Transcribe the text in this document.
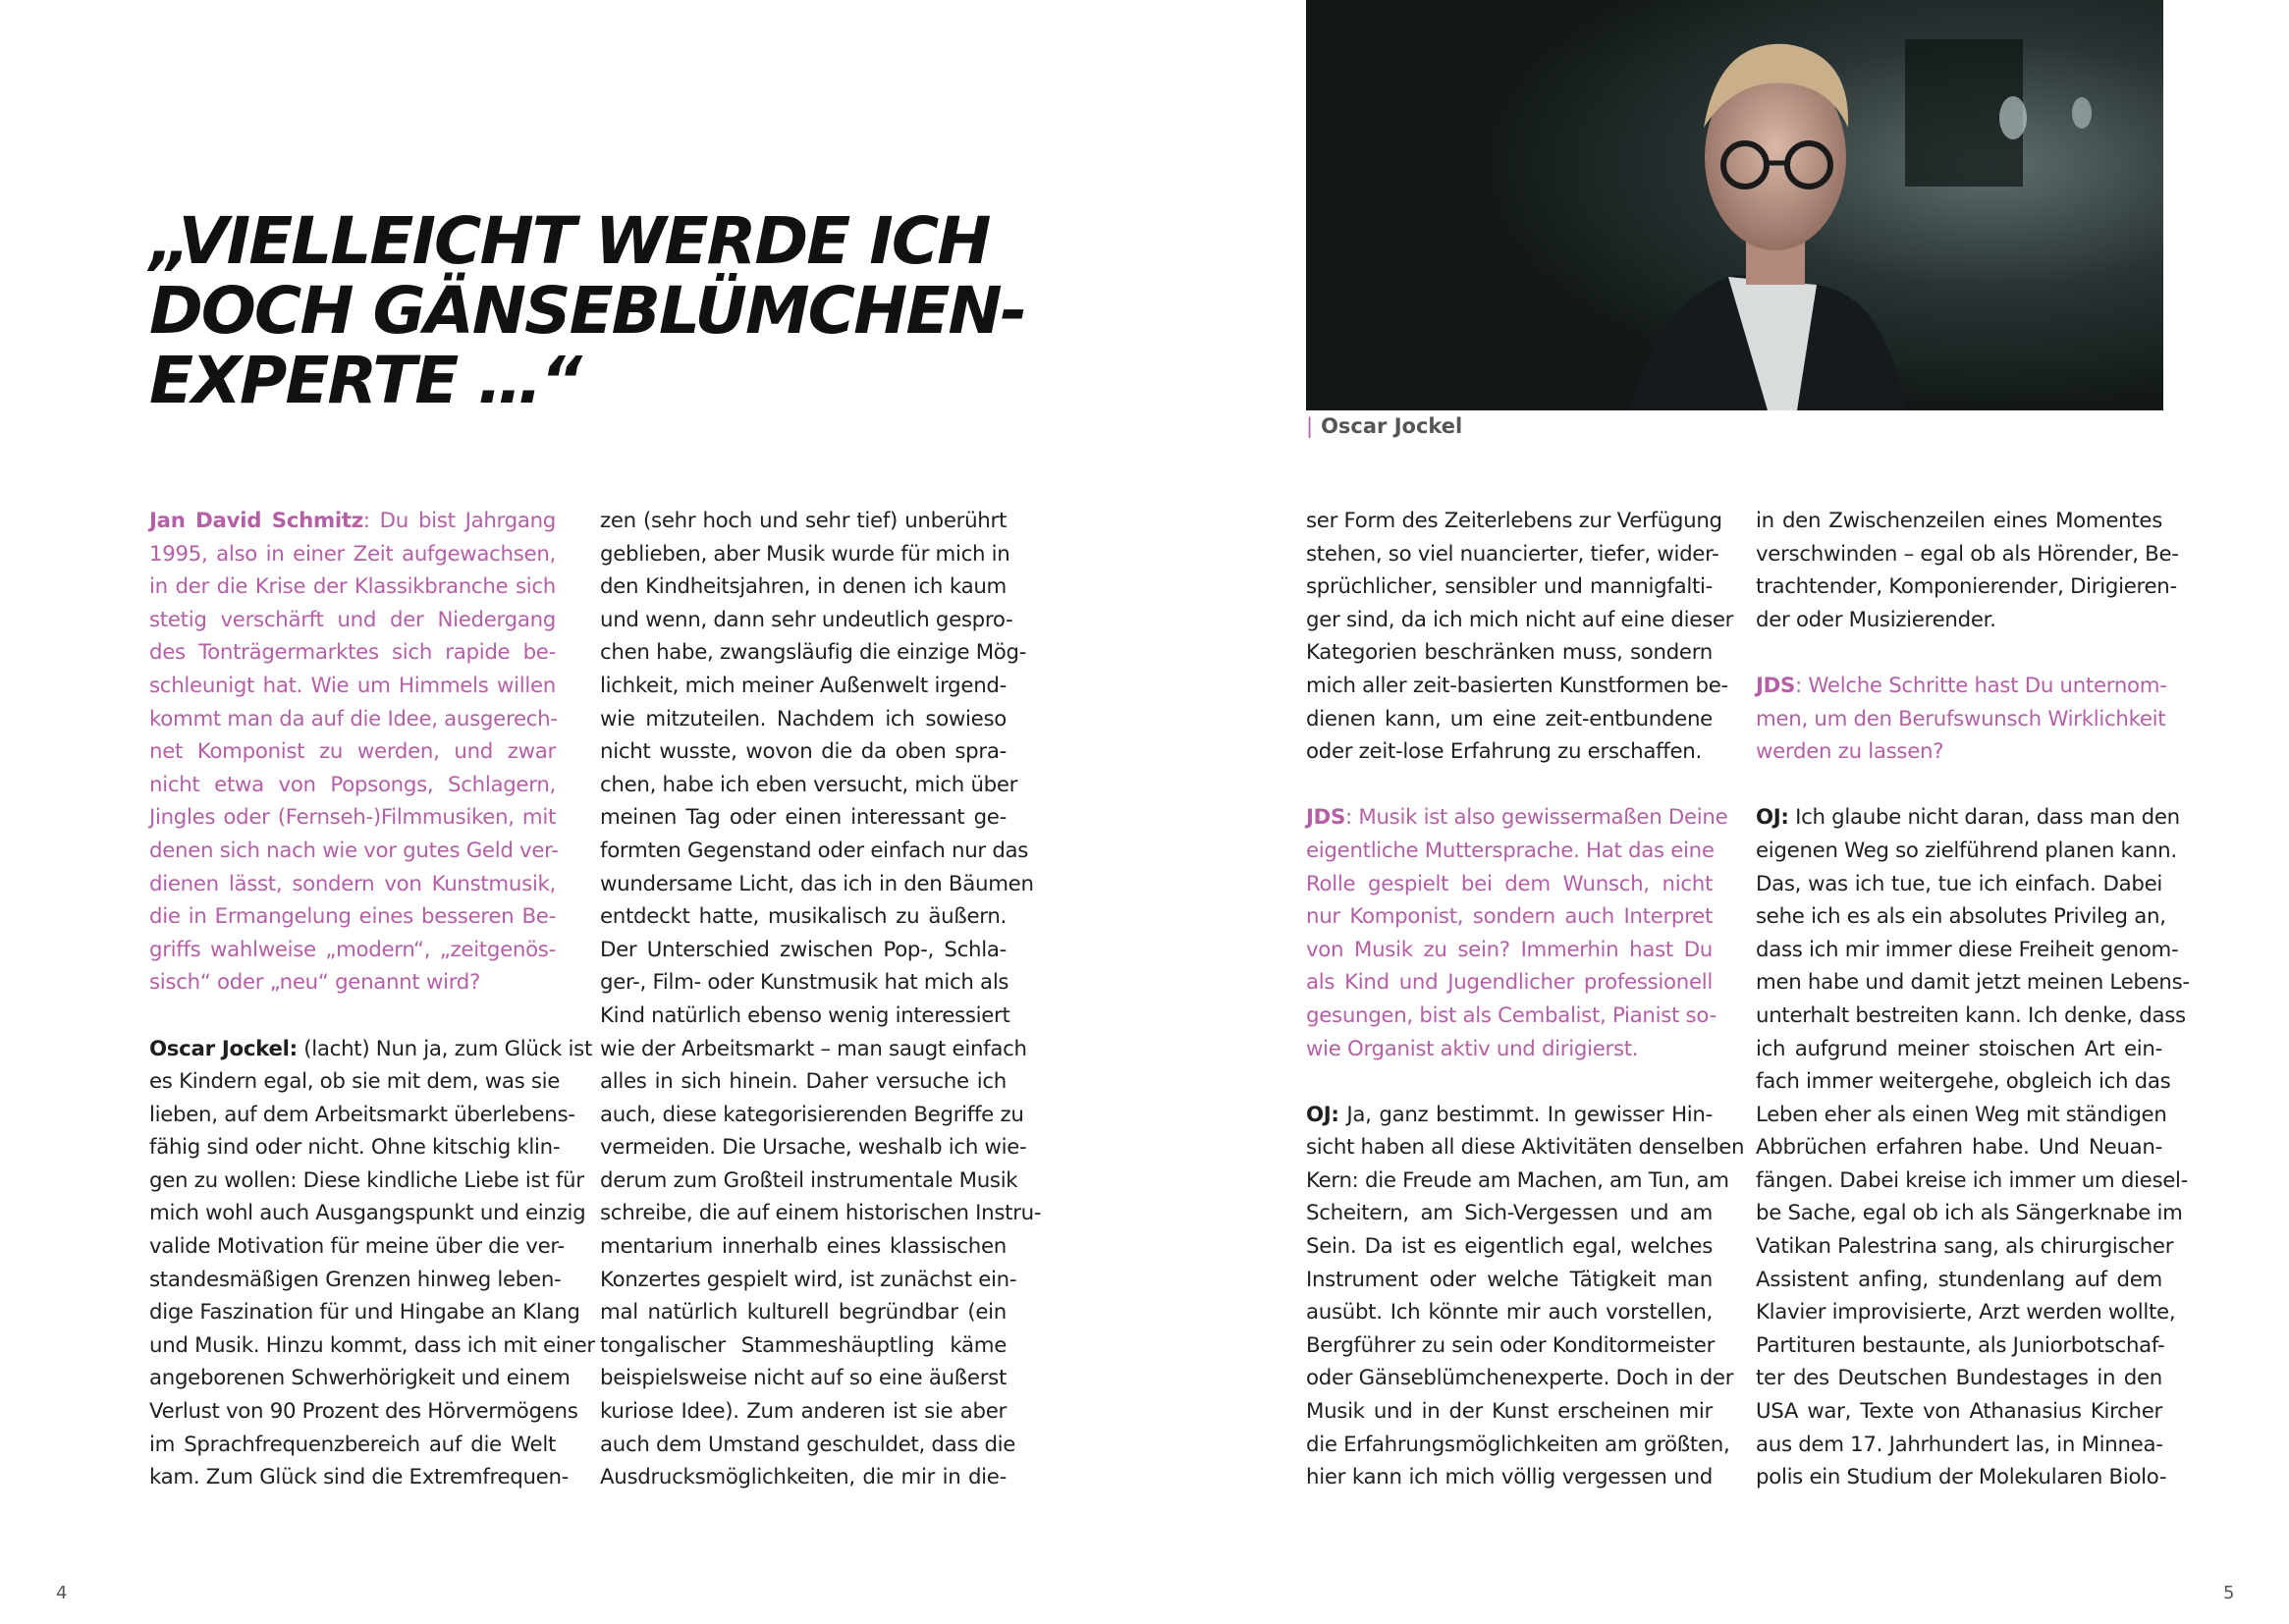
„VIELLEICHT WERDE ICH
DOCH GÄNSEBLÜMCHEN-
EXPERTE …“
| Oscar Jockel
Jan David Schmitz: Du bist Jahrgang
1995, also in einer Zeit aufgewachsen,
in der die Krise der Klassikbranche sich
stetig verschärft und der Niedergang
des Tonträgermarktes sich rapide be-
schleunigt hat. Wie um Himmels willen
kommt man da auf die Idee, ausgerech-
net Komponist zu werden, und zwar
nicht etwa von Popsongs, Schlagern,
Jingles oder (Fernseh-)Filmmusiken, mit
denen sich nach wie vor gutes Geld ver-
dienen lässt, sondern von Kunstmusik,
die in Ermangelung eines besseren Be-
griffs wahlweise „modern“, „zeitgenös-
sisch“ oder „neu“ genannt wird?
Oscar Jockel: (lacht) Nun ja, zum Glück ist
es Kindern egal, ob sie mit dem, was sie
lieben, auf dem Arbeitsmarkt überlebens-
fähig sind oder nicht. Ohne kitschig klin-
gen zu wollen: Diese kindliche Liebe ist für
mich wohl auch Ausgangspunkt und einzig
valide Motivation für meine über die ver-
standesmäßigen Grenzen hinweg leben-
dige Faszination für und Hingabe an Klang
und Musik. Hinzu kommt, dass ich mit einer
angeborenen Schwerhörigkeit und einem
Verlust von 90 Prozent des Hörvermögens
im Sprachfrequenzbereich auf die Welt
kam. Zum Glück sind die Extremfrequen-
zen (sehr hoch und sehr tief) unberührt
geblieben, aber Musik wurde für mich in
den Kindheitsjahren, in denen ich kaum
und wenn, dann sehr undeutlich gespro-
chen habe, zwangsläufig die einzige Mög-
lichkeit, mich meiner Außenwelt irgend-
wie mitzuteilen. Nachdem ich sowieso
nicht wusste, wovon die da oben spra-
chen, habe ich eben versucht, mich über
meinen Tag oder einen interessant ge-
formten Gegenstand oder einfach nur das
wundersame Licht, das ich in den Bäumen
entdeckt hatte, musikalisch zu äußern.
Der Unterschied zwischen Pop-, Schla-
ger-, Film- oder Kunstmusik hat mich als
Kind natürlich ebenso wenig interessiert
wie der Arbeitsmarkt – man saugt einfach
alles in sich hinein. Daher versuche ich
auch, diese kategorisierenden Begriffe zu
vermeiden. Die Ursache, weshalb ich wie-
derum zum Großteil instrumentale Musik
schreibe, die auf einem historischen Instru-
mentarium innerhalb eines klassischen
Konzertes gespielt wird, ist zunächst ein-
mal natürlich kulturell begründbar (ein
tongalischer Stammeshäuptling käme
beispielsweise nicht auf so eine äußerst
kuriose Idee). Zum anderen ist sie aber
auch dem Umstand geschuldet, dass die
Ausdrucksmöglichkeiten, die mir in die-
ser Form des Zeiterlebens zur Verfügung
stehen, so viel nuancierter, tiefer, wider-
sprüchlicher, sensibler und mannigfalti-
ger sind, da ich mich nicht auf eine dieser
Kategorien beschränken muss, sondern
mich aller zeit-basierten Kunstformen be-
dienen kann, um eine zeit-entbundene
oder zeit-lose Erfahrung zu erschaffen.
JDS: Musik ist also gewissermaßen Deine
eigentliche Muttersprache. Hat das eine
Rolle gespielt bei dem Wunsch, nicht
nur Komponist, sondern auch Interpret
von Musik zu sein? Immerhin hast Du
als Kind und Jugendlicher professionell
gesungen, bist als Cembalist, Pianist so-
wie Organist aktiv und dirigierst.
OJ: Ja, ganz bestimmt. In gewisser Hin-
sicht haben all diese Aktivitäten denselben
Kern: die Freude am Machen, am Tun, am
Scheitern, am Sich-Vergessen und am
Sein. Da ist es eigentlich egal, welches
Instrument oder welche Tätigkeit man
ausübt. Ich könnte mir auch vorstellen,
Bergführer zu sein oder Konditormeister
oder Gänseblümchenexperte. Doch in der
Musik und in der Kunst erscheinen mir
die Erfahrungsmöglichkeiten am größten,
hier kann ich mich völlig vergessen und
in den Zwischenzeilen eines Momentes
verschwinden – egal ob als Hörender, Be-
trachtender, Komponierender, Dirigieren-
der oder Musizierender.
JDS: Welche Schritte hast Du unternom-
men, um den Berufswunsch Wirklichkeit
werden zu lassen?
OJ: Ich glaube nicht daran, dass man den
eigenen Weg so zielführend planen kann.
Das, was ich tue, tue ich einfach. Dabei
sehe ich es als ein absolutes Privileg an,
dass ich mir immer diese Freiheit genom-
men habe und damit jetzt meinen Lebens-
unterhalt bestreiten kann. Ich denke, dass
ich aufgrund meiner stoischen Art ein-
fach immer weitergehe, obgleich ich das
Leben eher als einen Weg mit ständigen
Abbrüchen erfahren habe. Und Neuan-
fängen. Dabei kreise ich immer um diesel-
be Sache, egal ob ich als Sängerknabe im
Vatikan Palestrina sang, als chirurgischer
Assistent anfing, stundenlang auf dem
Klavier improvisierte, Arzt werden wollte,
Partituren bestaunte, als Juniorbotschaf-
ter des Deutschen Bundestages in den
USA war, Texte von Athanasius Kircher
aus dem 17. Jahrhundert las, in Minnea-
polis ein Studium der Molekularen Biolo-
4	5
